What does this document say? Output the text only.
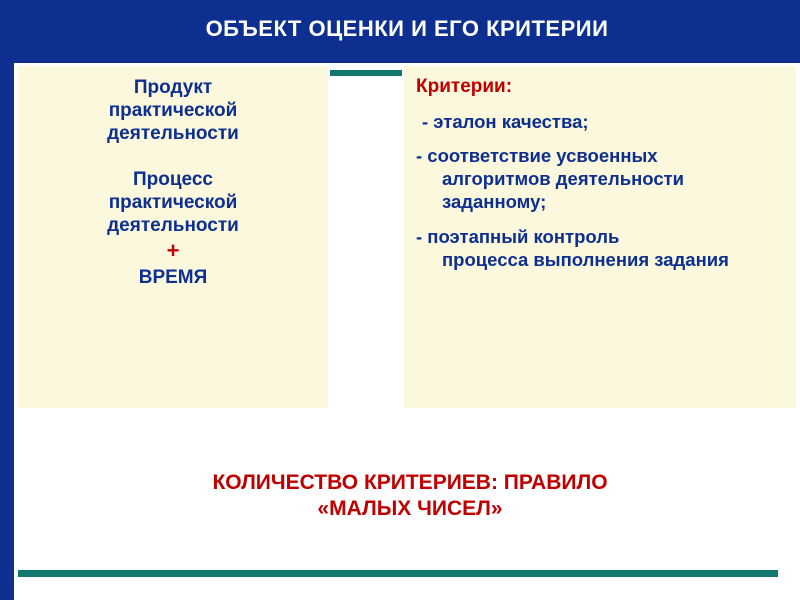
ОБЪЕКТ ОЦЕНКИ И ЕГО КРИТЕРИИ
Продукт
практической
деятельности
Процесс
практической
деятельности
+
ВРЕМЯ
Критерии:
- эталон качества;
- соответствие усвоенных
алгоритмов деятельности заданному;
- поэтапный контроль
процесса выполнения задания
КОЛИЧЕСТВО КРИТЕРИЕВ: ПРАВИЛО
«МАЛЫХ ЧИСЕЛ»
